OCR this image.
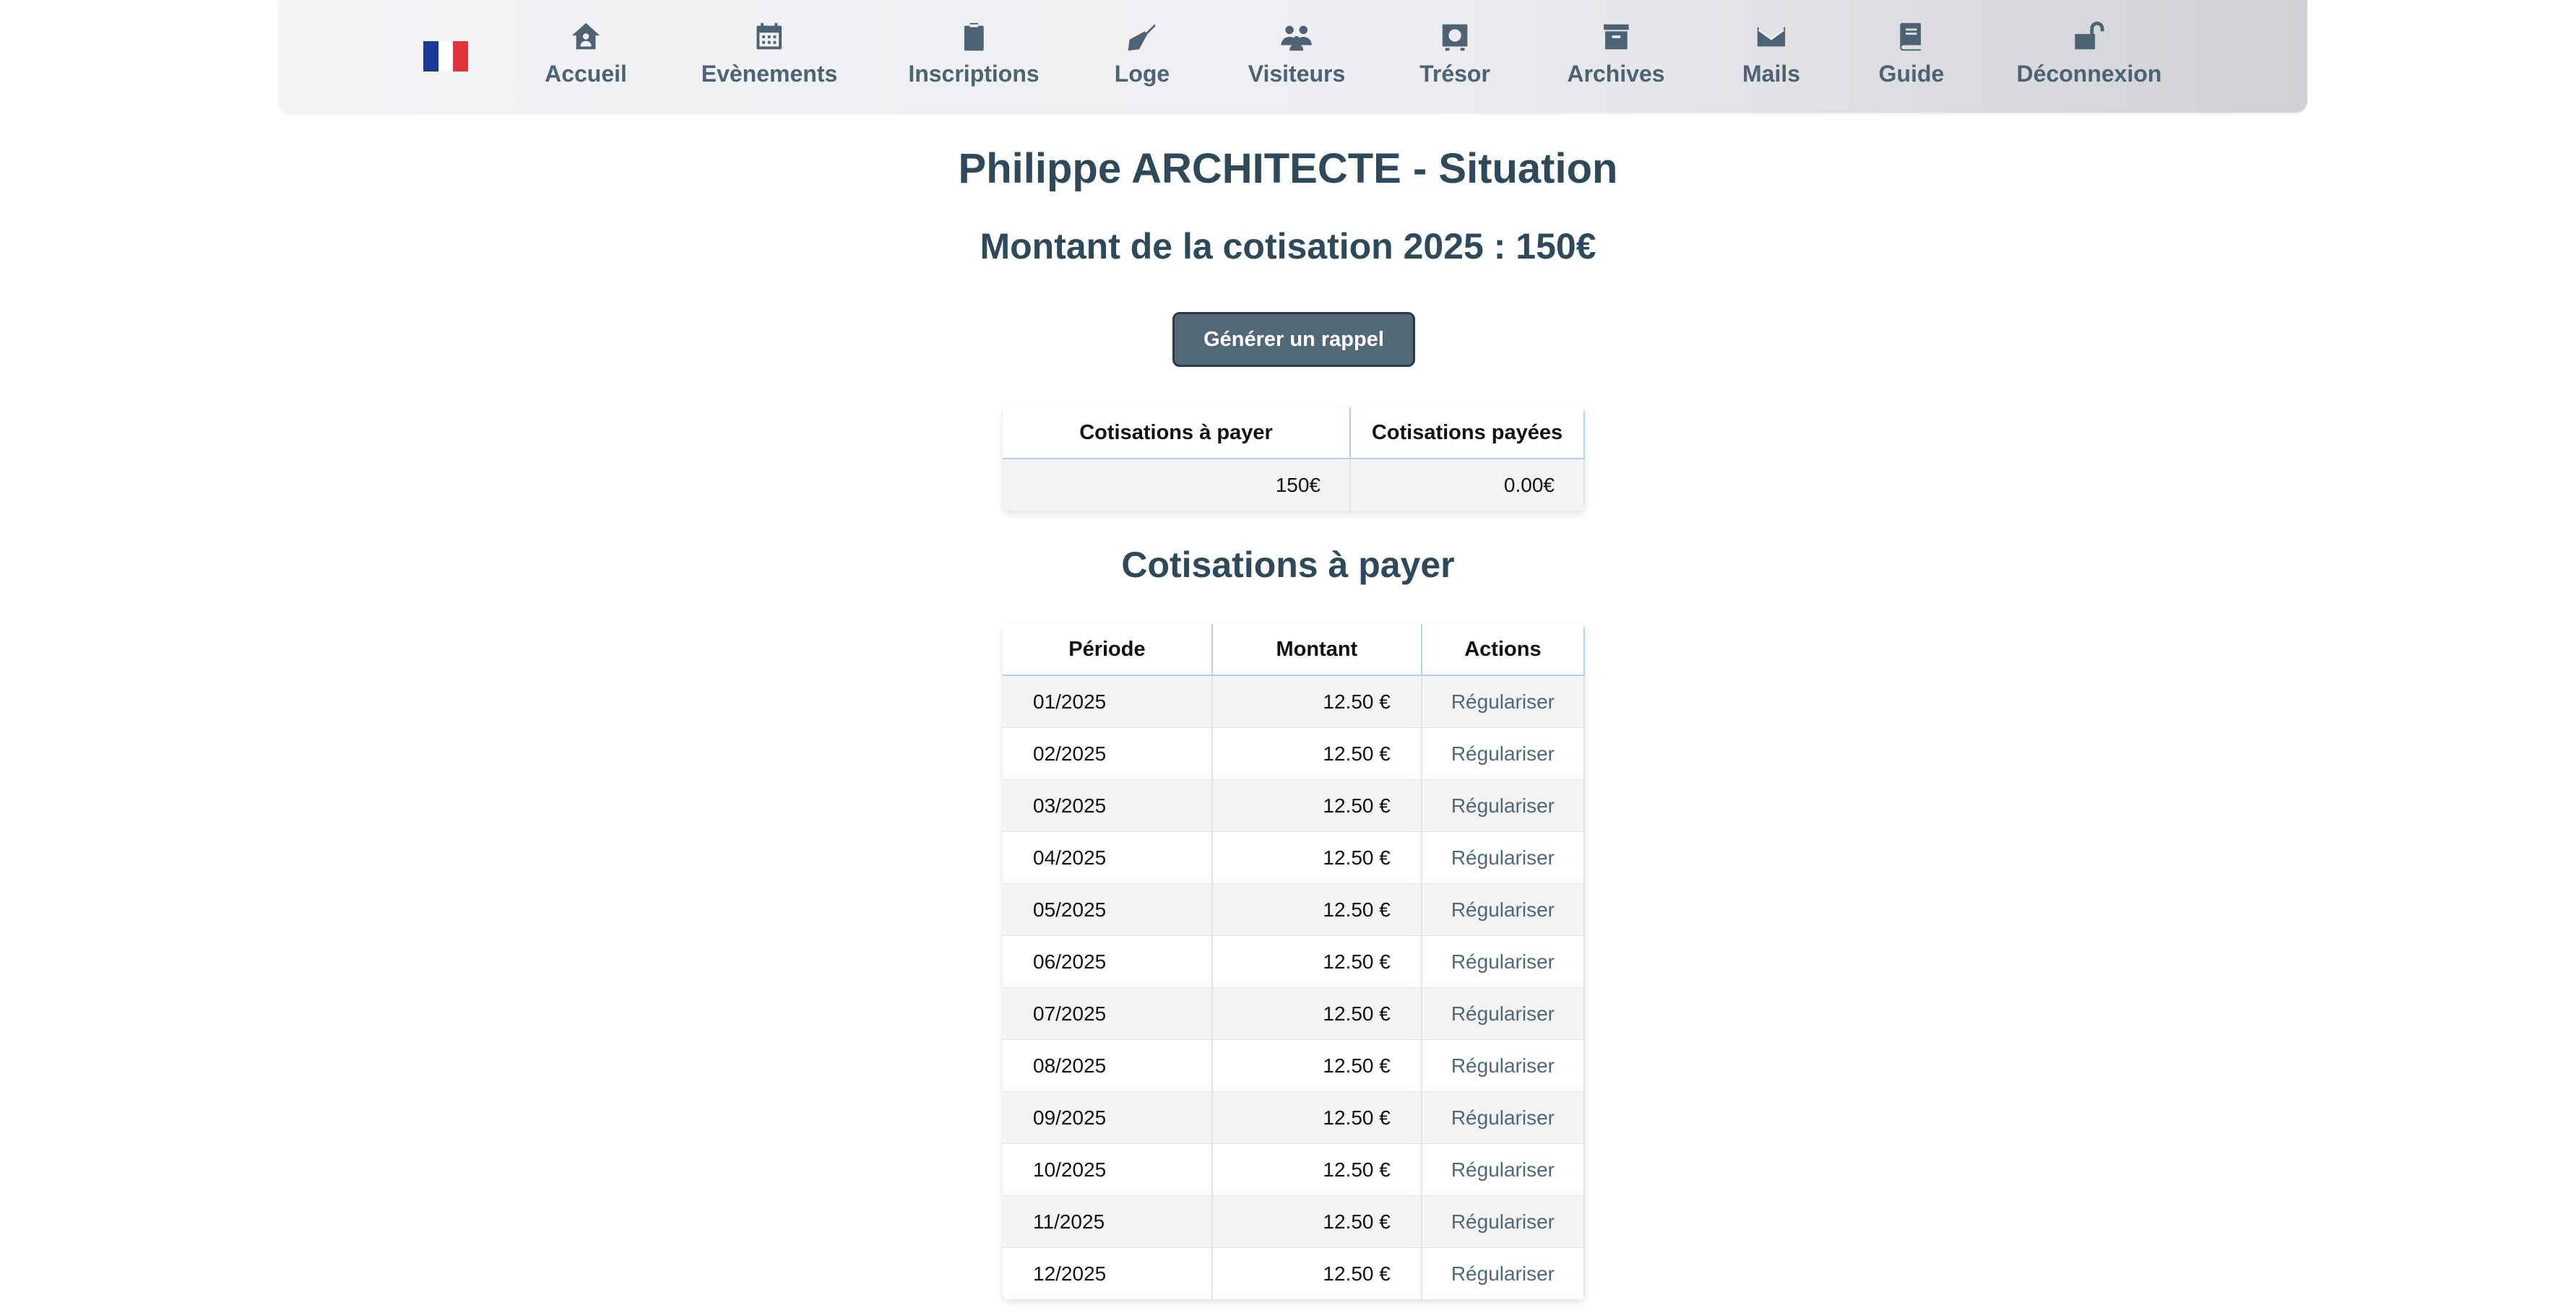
Accueil	Evènements	Inscriptions	Loge	Visiteurs	Trésor	Archives	Mails	Guide	Déconnexion
Philippe ARCHITECTE - Situation
Montant de la cotisation 2025 : 150€
Générer un rappel
Cotisations à payer	Cotisations payées
150€	0.00€
Cotisations à payer
Période	Montant	Actions
01/2025	12.50 €	Régulariser
02/2025	12.50 €	Régulariser
03/2025	12.50 €	Régulariser
04/2025	12.50 €	Régulariser
05/2025	12.50 €	Régulariser
06/2025	12.50 €	Régulariser
07/2025	12.50 €	Régulariser
08/2025	12.50 €	Régulariser
09/2025	12.50 €	Régulariser
10/2025	12.50 €	Régulariser
11/2025	12.50 €	Régulariser
12/2025	12.50 €	Régulariser
